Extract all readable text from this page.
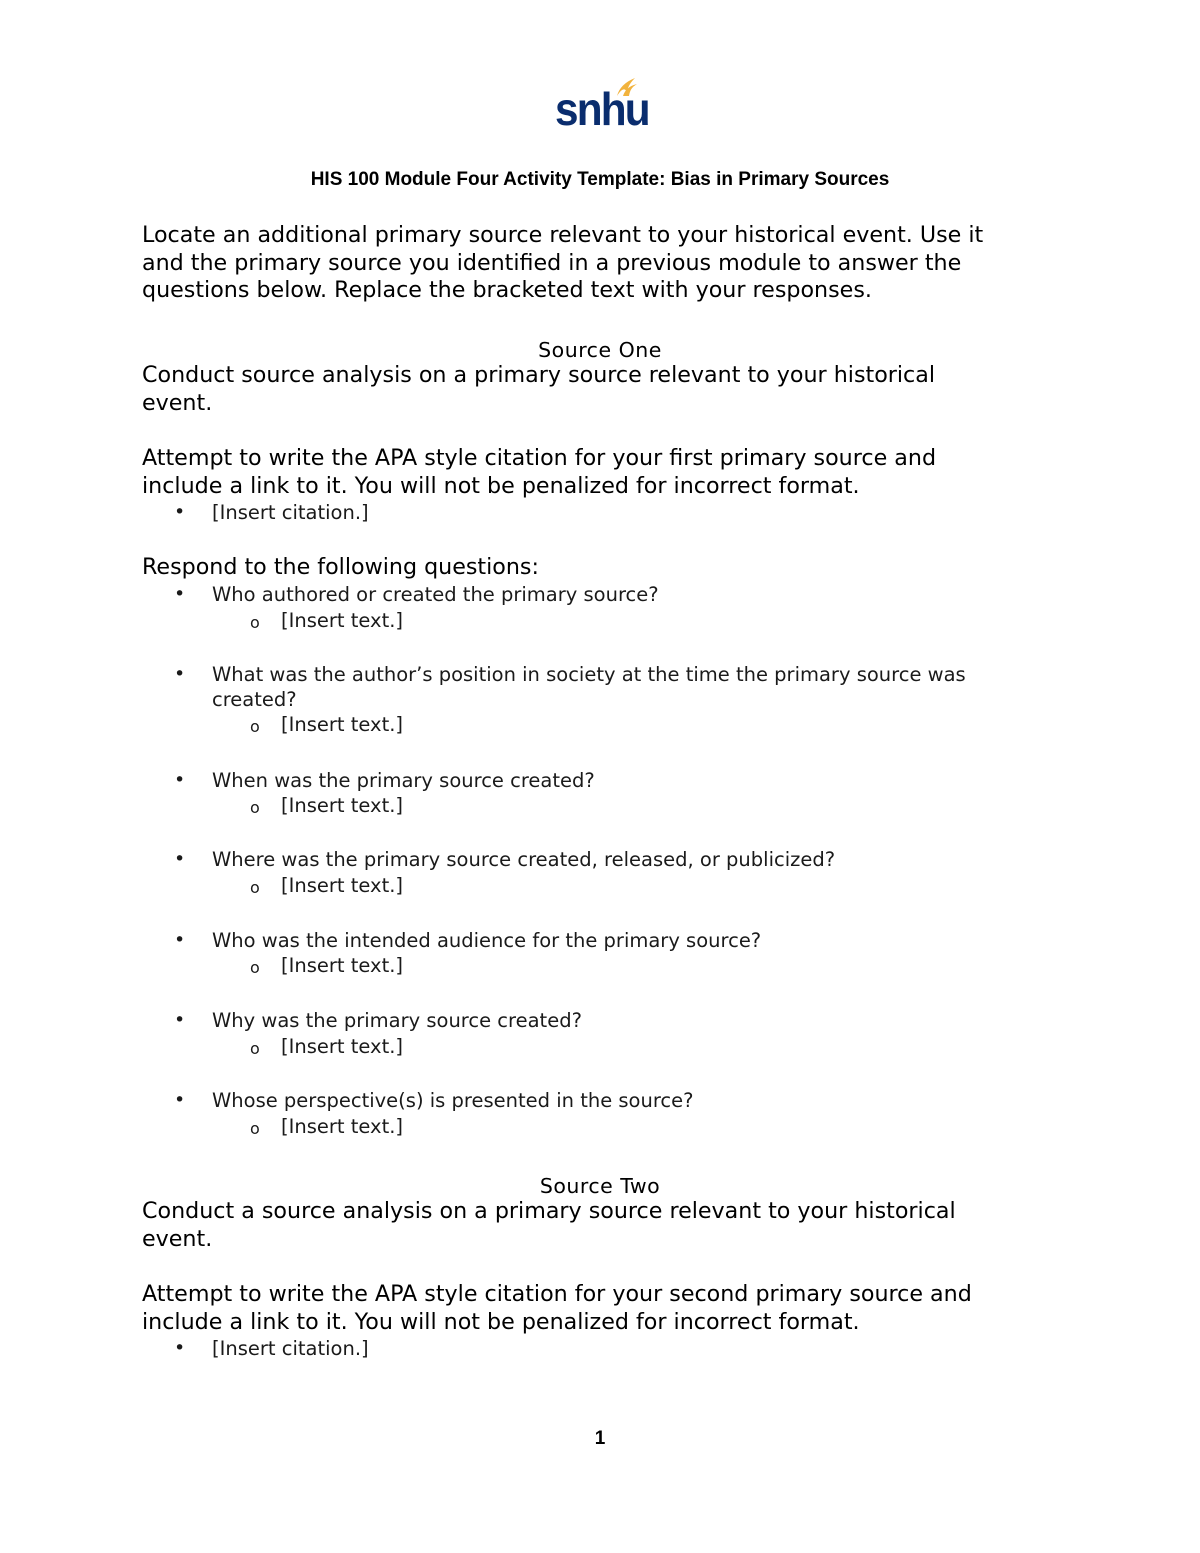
snhu
HIS 100 Module Four Activity Template: Bias in Primary Sources
Locate an additional primary source relevant to your historical event. Use it
and the primary source you identified in a previous module to answer the
questions below. Replace the bracketed text with your responses.
Source One
Conduct source analysis on a primary source relevant to your historical
event.
Attempt to write the APA style citation for your first primary source and
include a link to it. You will not be penalized for incorrect format.
•	[Insert citation.]
Respond to the following questions:
•	Who authored or created the primary source?
o [Insert text.]
•	What was the author’s position in society at the time the primary source was
created?
o [Insert text.]
•	When was the primary source created?
o [Insert text.]
•	Where was the primary source created, released, or publicized?
o [Insert text.]
•	Who was the intended audience for the primary source?
o [Insert text.]
•	Why was the primary source created?
o [Insert text.]
•	Whose perspective(s) is presented in the source?
o [Insert text.]
Source Two
Conduct a source analysis on a primary source relevant to your historical
event.
Attempt to write the APA style citation for your second primary source and
include a link to it. You will not be penalized for incorrect format.
•	[Insert citation.]
1
